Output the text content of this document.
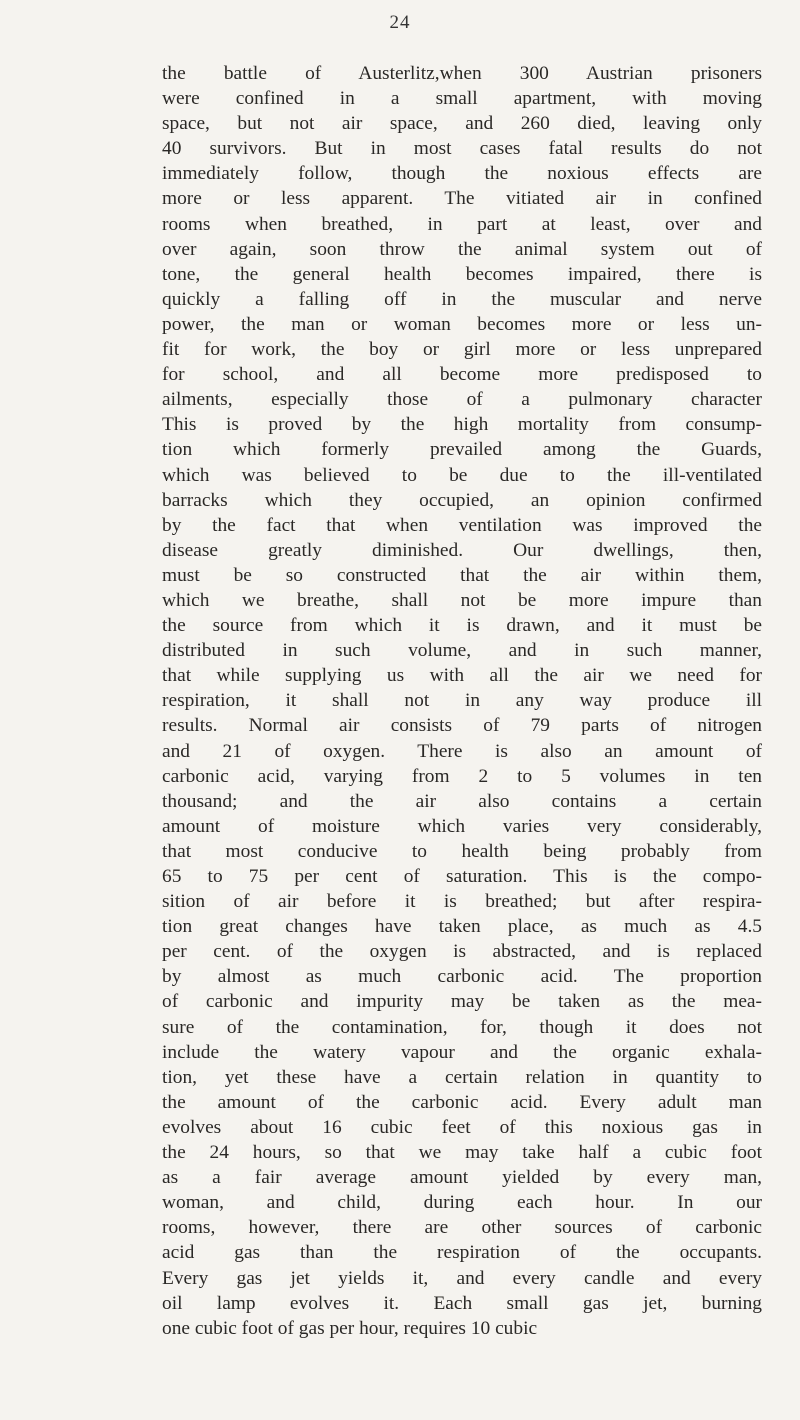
24
the battle of Austerlitz,when 300 Austrian prisoners
were confined in a small apartment, with moving
space, but not air space, and 260 died, leaving only
40 survivors. But in most cases fatal results do not
immediately follow, though the noxious effects are
more or less apparent. The vitiated air in confined
rooms when breathed, in part at least, over and
over again, soon throw the animal system out of
tone, the general health becomes impaired, there is
quickly a falling off in the muscular and nerve
power, the man or woman becomes more or less un-
fit for work, the boy or girl more or less unprepared
for school, and all become more predisposed to
ailments, especially those of a pulmonary character
This is proved by the high mortality from consump-
tion which formerly prevailed among the Guards,
which was believed to be due to the ill-ventilated
barracks which they occupied, an opinion confirmed
by the fact that when ventilation was improved the
disease greatly diminished. Our dwellings, then,
must be so constructed that the air within them,
which we breathe, shall not be more impure than
the source from which it is drawn, and it must be
distributed in such volume, and in such manner,
that while supplying us with all the air we need for
respiration, it shall not in any way produce ill
results. Normal air consists of 79 parts of nitrogen
and 21 of oxygen. There is also an amount of
carbonic acid, varying from 2 to 5 volumes in ten
thousand; and the air also contains a certain
amount of moisture which varies very considerably,
that most conducive to health being probably from
65 to 75 per cent of saturation. This is the compo-
sition of air before it is breathed; but after respira-
tion great changes have taken place, as much as 4.5
per cent. of the oxygen is abstracted, and is replaced
by almost as much carbonic acid. The proportion
of carbonic and impurity may be taken as the mea-
sure of the contamination, for, though it does not
include the watery vapour and the organic exhala-
tion, yet these have a certain relation in quantity to
the amount of the carbonic acid. Every adult man
evolves about 16 cubic feet of this noxious gas in
the 24 hours, so that we may take half a cubic foot
as a fair average amount yielded by every man,
woman, and child, during each hour. In our
rooms, however, there are other sources of carbonic
acid gas than the respiration of the occupants.
Every gas jet yields it, and every candle and every
oil lamp evolves it. Each small gas jet, burning
one cubic foot of gas per hour, requires 10 cubic
